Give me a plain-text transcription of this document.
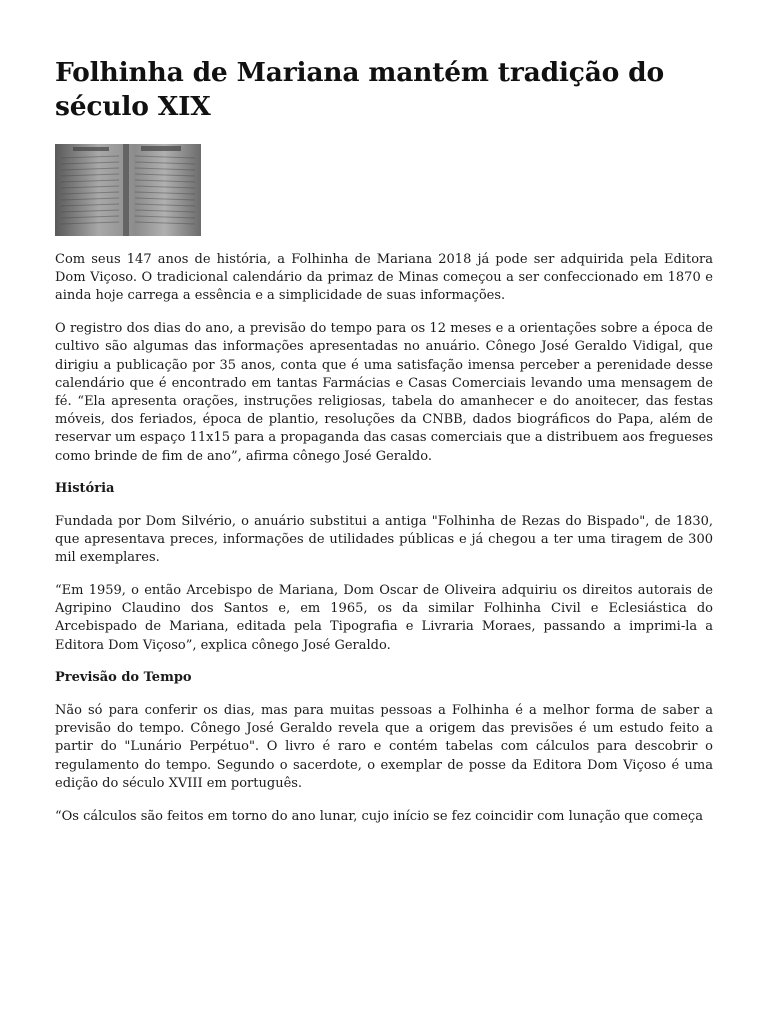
Folhinha de Mariana mantém tradição do século XIX

Com seus 147 anos de história, a Folhinha de Mariana 2018 já pode ser adquirida pela Editora Dom Viçoso. O tradicional calendário da primaz de Minas começou a ser confeccionado em 1870 e ainda hoje carrega a essência e a simplicidade de suas informações.

O registro dos dias do ano, a previsão do tempo para os 12 meses e a orientações sobre a época de cultivo são algumas das informações apresentadas no anuário. Cônego José Geraldo Vidigal, que dirigiu a publicação por 35 anos, conta que é uma satisfação imensa perceber a perenidade desse calendário que é encontrado em tantas Farmácias e Casas Comerciais levando uma mensagem de fé. “Ela apresenta orações, instruções religiosas, tabela do amanhecer e do anoitecer, das festas móveis, dos feriados, época de plantio, resoluções da CNBB, dados biográficos do Papa, além de reservar um espaço 11x15 para a propaganda das casas comerciais que a distribuem aos fregueses como brinde de fim de ano”, afirma cônego José Geraldo.

História

Fundada por Dom Silvério, o anuário substitui a antiga "Folhinha de Rezas do Bispado", de 1830, que apresentava preces, informações de utilidades públicas e já chegou a ter uma tiragem de 300 mil exemplares.

“Em 1959, o então Arcebispo de Mariana, Dom Oscar de Oliveira adquiriu os direitos autorais de Agripino Claudino dos Santos e, em 1965, os da similar Folhinha Civil e Eclesiástica do Arcebispado de Mariana, editada pela Tipografia e Livraria Moraes, passando a imprimi-la a Editora Dom Viçoso”, explica cônego José Geraldo.

Previsão do Tempo

Não só para conferir os dias, mas para muitas pessoas a Folhinha é a melhor forma de saber a previsão do tempo. Cônego José Geraldo revela que a origem das previsões é um estudo feito a partir do "Lunário Perpétuo". O livro é raro e contém tabelas com cálculos para descobrir o regulamento do tempo. Segundo o sacerdote, o exemplar de posse da Editora Dom Viçoso é uma edição do século XVIII em português.

“Os cálculos são feitos em torno do ano lunar, cujo início se fez coincidir com lunação que começa
